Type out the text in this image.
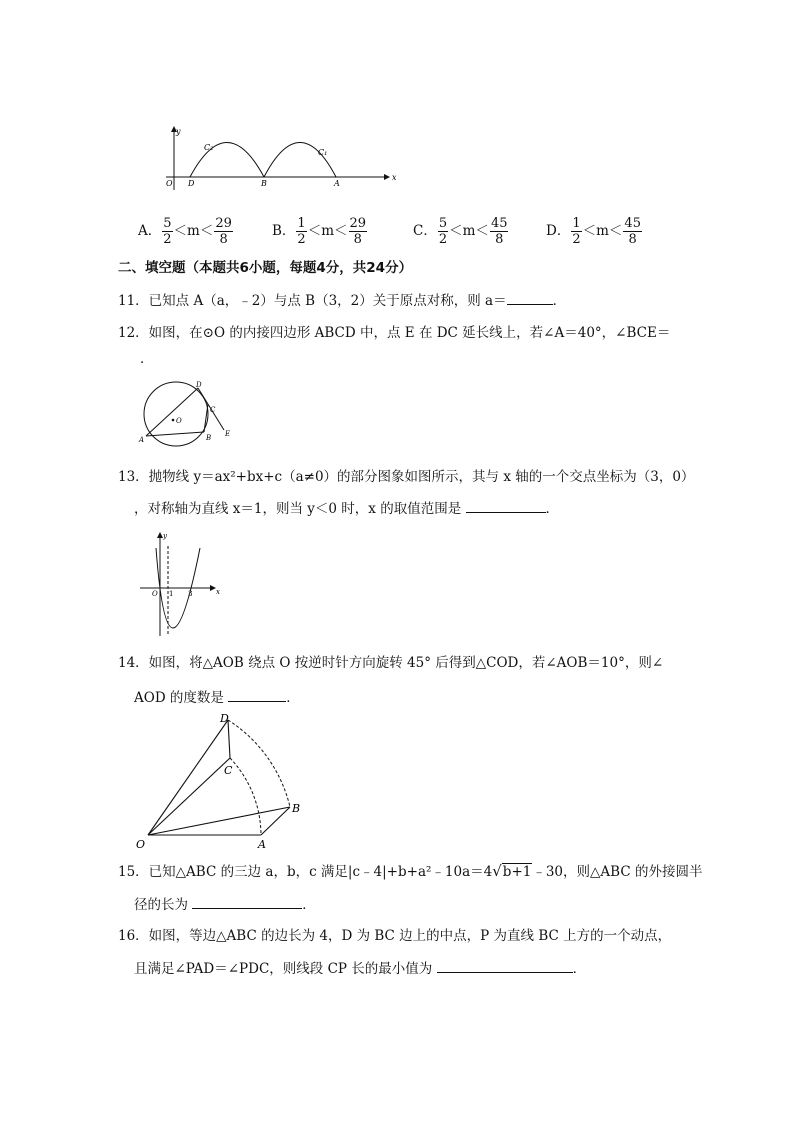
y
x
O D	B	A
C₂
C₁
A． $\frac{5}{2} <m< \frac{29}{8}$	B． $\frac{1}{2} <m< \frac{29}{8}$	C． $\frac{5}{2} <m< \frac{45}{8}$	D． $\frac{1}{2} <m< \frac{45}{8}$
二、填空题（本题共6小题，每题4分，共24分）
11．已知点 A（a，﹣2）与点 B（3，2）关于原点对称，则 a＝	．
12．如图，在⊙O 的内接四边形 ABCD 中，点 E 在 DC 延长线上，若∠A＝40°，∠BCE＝
．
D
C
O
A	B E
13．抛物线 y＝ax²+bx+c（a≠0）的部分图象如图所示，其与 x 轴的一个交点坐标为（3，0）
，对称轴为直线 x＝1，则当 y＜0 时，x 的取值范围是	．
y
x
O 1 3
14．如图，将△AOB 绕点 O 按逆时针方向旋转 45° 后得到△COD，若∠AOB＝10°，则∠
AOD 的度数是	．
D
C
B
O	A
15．已知△ABC 的三边 a，b，c 满足|c﹣4|+b+a²﹣10a＝4√b+1﹣30，则△ABC 的外接圆半
径的长为	．
16．如图，等边△ABC 的边长为 4，D 为 BC 边上的中点，P 为直线 BC 上方的一个动点，
且满足∠PAD＝∠PDC，则线段 CP 长的最小值为	．
